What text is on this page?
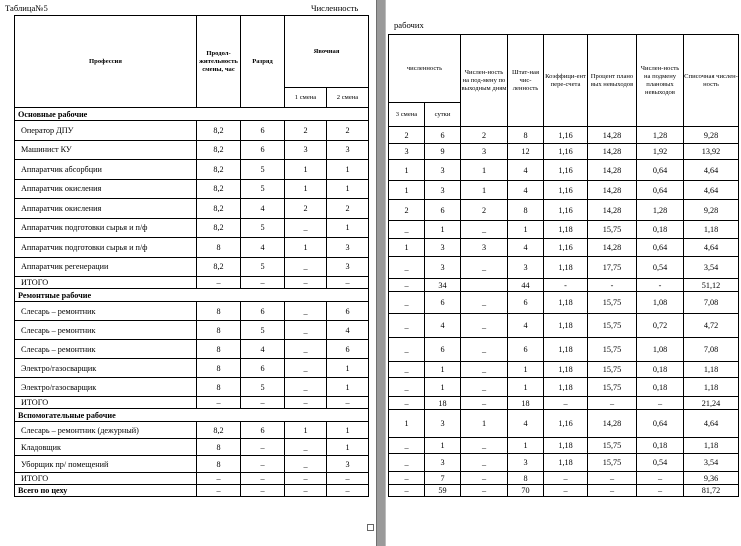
Таблица№5	Численность
Профессия	Продол-жительность смены, час	Разряд	Явочная	
			1 смена	2 смена
Основные рабочие				
Оператор ДПУ	8,2	6	2	2
Машинист КУ	8,2	6	3	3
Аппаратчик абсорбции	8,2	5	1	1
Аппаратчик окисления	8,2	5	1	1
Аппаратчик окисления	8,2	4	2	2
Аппаратчик подготовки сырья и п/ф	8,2	5	_	1
Аппаратчик подготовки сырья и п/ф	8	4	1	3
Аппаратчик регенерации	8,2	5	_	3
ИТОГО	–	–	–	–
Ремонтные рабочие				
Слесарь – ремонтник	8	6	_	6
Слесарь – ремонтник	8	5	_	4
Слесарь – ремонтник	8	4	_	6
Электро/газосварщик	8	6	_	1
Электро/газосварщик	8	5	_	1
ИТОГО	–	–	–	–
Вспомогательные рабочие				
Слесарь – ремонтник (дежурный)	8,2	6	1	1
Кладовщик	8	–	_	1
Уборщик пр/ помещений	8	–	_	3
ИТОГО	–	–	–	–
Всего по цеху	–	–	–	–
рабочих
численность		Числен-ность на под-мену по выходным дням	Штат-ная чис-ленность	Коэффици-ент пере-счета	Процент плано вых невыходов	Числен-ность на подмену плановых невыходов	Списочная числен-ность
3 смена	сутки						
2	6	2	8	1,16	14,28	1,28	9,28
3	9	3	12	1,16	14,28	1,92	13,92
1	3	1	4	1,16	14,28	0,64	4,64
1	3	1	4	1,16	14,28	0,64	4,64
2	6	2	8	1,16	14,28	1,28	9,28
_	1	_	1	1,18	15,75	0,18	1,18
1	3	3	4	1,16	14,28	0,64	4,64
_	3	_	3	1,18	17,75	0,54	3,54
–	34		44	-	-	-	51,12
_	6	_	6	1,18	15,75	1,08	7,08
_	4	_	4	1,18	15,75	0,72	4,72
_	6	_	6	1,18	15,75	1,08	7,08
_	1	_	1	1,18	15,75	0,18	1,18
_	1	_	1	1,18	15,75	0,18	1,18
–	18	–	18	–	–	–	21,24
1	3	1	4	1,16	14,28	0,64	4,64
_	1	_	1	1,18	15,75	0,18	1,18
_	3	_	3	1,18	15,75	0,54	3,54
–	7	–	8	–	–	–	9,36
–	59	–	70	–	–	–	81,72
